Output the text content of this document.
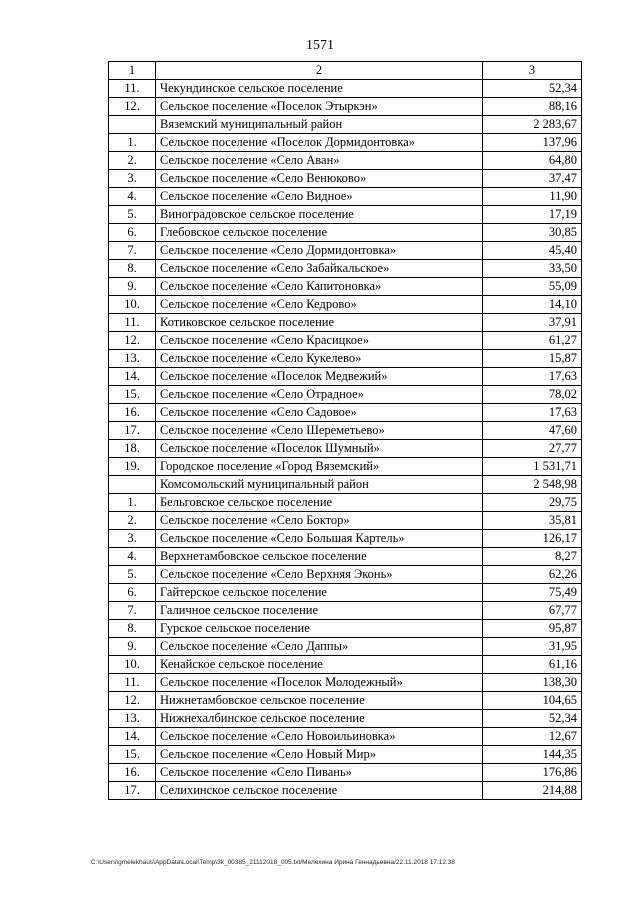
1571
1	2	3
11.	Чекундинское сельское поселение	52,34
12.	Сельское поселение «Поселок Этыркэн»	88,16
	Вяземский муниципальный район	2 283,67
1.	Сельское поселение «Поселок Дормидонтовка»	137,96
2.	Сельское поселение «Село Аван»	64,80
3.	Сельское поселение «Село Венюково»	37,47
4.	Сельское поселение «Село Видное»	11,90
5.	Виноградовское сельское поселение	17,19
6.	Глебовское сельское поселение	30,85
7.	Сельское поселение «Село Дормидонтовка»	45,40
8.	Сельское поселение «Село Забайкальское»	33,50
9.	Сельское поселение «Село Капитоновка»	55,09
10.	Сельское поселение «Село Кедрово»	14,10
11.	Котиковское сельское поселение	37,91
12.	Сельское поселение «Село Красицкое»	61,27
13.	Сельское поселение «Село Кукелево»	15,87
14.	Сельское поселение «Поселок Медвежий»	17,63
15.	Сельское поселение «Село Отрадное»	78,02
16.	Сельское поселение «Село Садовое»	17,63
17.	Сельское поселение «Село Шереметьево»	47,60
18.	Сельское поселение «Поселок Шумный»	27,77
19.	Городское поселение «Город Вяземский»	1 531,71
	Комсомольский муниципальный район	2 548,98
1.	Бельговское сельское поселение	29,75
2.	Сельское поселение «Село Боктор»	35,81
3.	Сельское поселение «Село Большая Картель»	126,17
4.	Верхнетамбовское сельское поселение	8,27
5.	Сельское поселение «Село Верхняя Эконь»	62,26
6.	Гайтерское сельское поселение	75,49
7.	Галичное сельское поселение	67,77
8.	Гурское сельское поселение	95,87
9.	Сельское поселение «Село Даппы»	31,95
10.	Кенайское сельское поселение	61,16
11.	Сельское поселение «Поселок Молодежный»	138,30
12.	Нижнетамбовское сельское поселение	104,65
13.	Нижнехалбинское сельское поселение	52,34
14.	Сельское поселение «Село Новоильиновка»	12,67
15.	Сельское поселение «Село Новый Мир»	144,35
16.	Сельское поселение «Село Пивань»	176,86
17.	Селихинское сельское поселение	214,88
C:\Users\gmelekhaus\AppData\Local\Temp\3k_00385_21112018_005.txt/Мелехина Ирина Геннадьевна/22.11.2018 17:12:38
